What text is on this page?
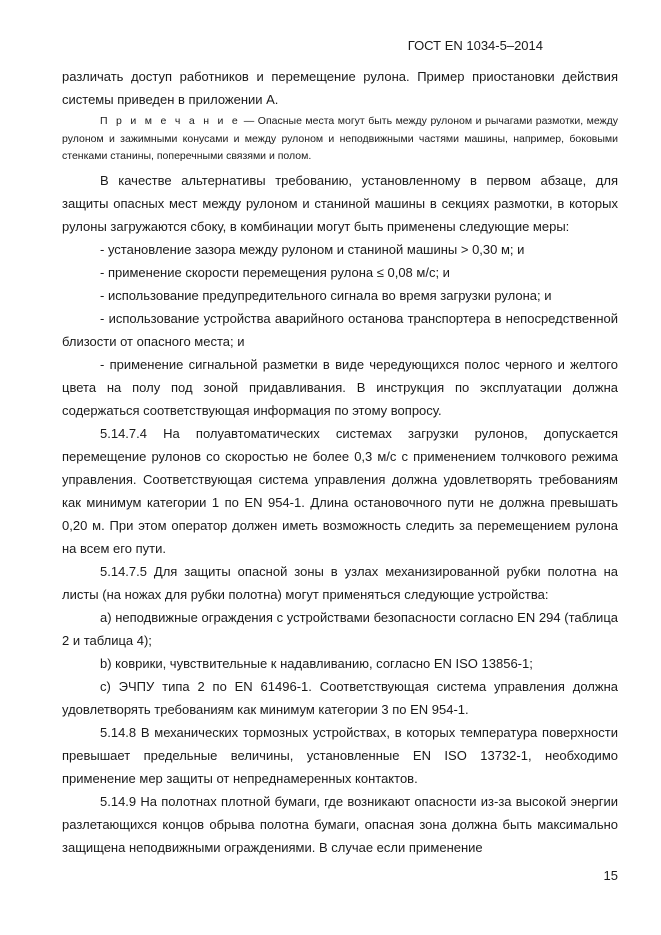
ГОСТ EN 1034-5–2014

различать доступ работников и перемещение рулона. Пример приостановки действия системы приведен в приложении А.

П р и м е ч а н и е — Опасные места могут быть между рулоном и рычагами размотки, между рулоном и зажимными конусами и между рулоном и неподвижными частями машины, например, боковыми стенками станины, поперечными связями и полом.

В качестве альтернативы требованию, установленному в первом абзаце, для защиты опасных мест между рулоном и станиной машины в секциях размотки, в которых рулоны загружаются сбоку, в комбинации могут быть применены следующие меры:

- установление зазора между рулоном и станиной машины > 0,30 м; и

- применение скорости перемещения рулона ≤ 0,08 м/с; и

- использование предупредительного сигнала во время загрузки рулона; и

- использование устройства аварийного останова транспортера в непосредственной близости от опасного места; и

- применение сигнальной разметки в виде чередующихся полос черного и желтого цвета на полу под зоной придавливания. В инструкция по эксплуатации должна содержаться соответствующая информация по этому вопросу.

5.14.7.4 На полуавтоматических системах загрузки рулонов, допускается перемещение рулонов со скоростью не более 0,3 м/с с применением толчкового режима управления. Соответствующая система управления должна удовлетворять требованиям как минимум категории 1 по EN 954-1. Длина остановочного пути не должна превышать 0,20 м. При этом оператор должен иметь возможность следить за перемещением рулона на всем его пути.

5.14.7.5 Для защиты опасной зоны в узлах механизированной рубки полотна на листы (на ножах для рубки полотна) могут применяться следующие устройства:

а) неподвижные ограждения с устройствами безопасности согласно EN 294 (таблица 2 и таблица 4);

b) коврики, чувствительные к надавливанию, согласно EN ISO 13856-1;

c) ЭЧПУ типа 2 по EN 61496-1. Соответствующая система управления должна удовлетворять требованиям как минимум категории 3 по EN 954-1.

5.14.8 В механических тормозных устройствах, в которых температура поверхности превышает предельные величины, установленные EN ISO 13732-1, необходимо применение мер защиты от непреднамеренных контактов.

5.14.9 На полотнах плотной бумаги, где возникают опасности из-за высокой энергии разлетающихся концов обрыва полотна бумаги, опасная зона должна быть максимально защищена неподвижными ограждениями. В случае если применение

15
